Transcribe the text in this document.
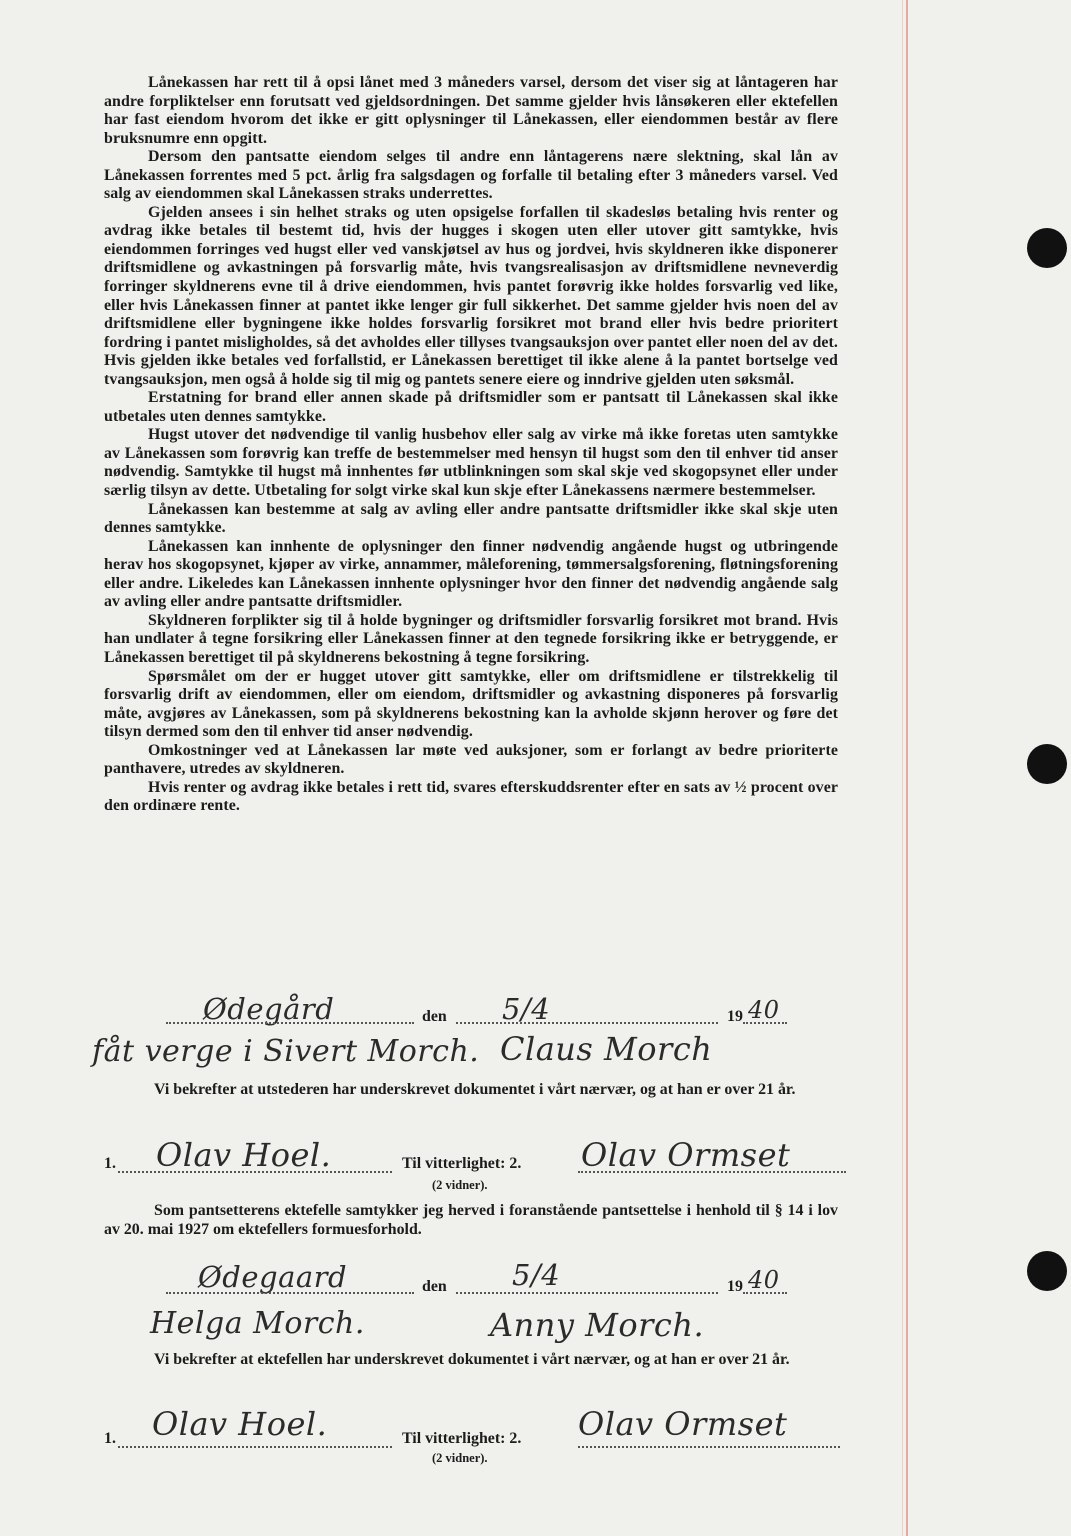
Lånekassen har rett til å opsi lånet med 3 måneders varsel, dersom det viser sig at låntageren har andre forpliktelser enn forutsatt ved gjeldsordningen. Det samme gjelder hvis lånsøkeren eller ektefellen har fast eiendom hvorom det ikke er gitt oplysninger til Lånekassen, eller eiendommen består av flere bruksnumre enn opgitt.

Dersom den pantsatte eiendom selges til andre enn låntagerens nære slektning, skal lån av Lånekassen forrentes med 5 pct. årlig fra salgsdagen og forfalle til betaling efter 3 måneders varsel. Ved salg av eiendommen skal Lånekassen straks underrettes.

Gjelden ansees i sin helhet straks og uten opsigelse forfallen til skadesløs betaling hvis renter og avdrag ikke betales til bestemt tid, hvis der hugges i skogen uten eller utover gitt samtykke, hvis eiendommen forringes ved hugst eller ved vanskjøtsel av hus og jordvei, hvis skyldneren ikke disponerer driftsmidlene og avkastningen på forsvarlig måte, hvis tvangsrealisasjon av driftsmidlene nevneverdig forringer skyldnerens evne til å drive eiendommen, hvis pantet forøvrig ikke holdes forsvarlig ved like, eller hvis Lånekassen finner at pantet ikke lenger gir full sikkerhet. Det samme gjelder hvis noen del av driftsmidlene eller bygningene ikke holdes forsvarlig forsikret mot brand eller hvis bedre prioritert fordring i pantet misligholdes, så det avholdes eller tillyses tvangsauksjon over pantet eller noen del av det. Hvis gjelden ikke betales ved forfallstid, er Lånekassen berettiget til ikke alene å la pantet bortselge ved tvangsauksjon, men også å holde sig til mig og pantets senere eiere og inndrive gjelden uten søksmål.

Erstatning for brand eller annen skade på driftsmidler som er pantsatt til Lånekassen skal ikke utbetales uten dennes samtykke.

Hugst utover det nødvendige til vanlig husbehov eller salg av virke må ikke foretas uten samtykke av Lånekassen som forøvrig kan treffe de bestemmelser med hensyn til hugst som den til enhver tid anser nødvendig. Samtykke til hugst må innhentes før utblinkningen som skal skje ved skogopsynet eller under særlig tilsyn av dette. Utbetaling for solgt virke skal kun skje efter Lånekassens nærmere bestemmelser.

Lånekassen kan bestemme at salg av avling eller andre pantsatte driftsmidler ikke skal skje uten dennes samtykke.

Lånekassen kan innhente de oplysninger den finner nødvendig angående hugst og utbringende herav hos skogopsynet, kjøper av virke, annammer, måleforening, tømmersalgsforening, fløtningsforening eller andre. Likeledes kan Lånekassen innhente oplysninger hvor den finner det nødvendig angående salg av avling eller andre pantsatte driftsmidler.

Skyldneren forplikter sig til å holde bygninger og driftsmidler forsvarlig forsikret mot brand. Hvis han undlater å tegne forsikring eller Lånekassen finner at den tegnede forsikring ikke er betryggende, er Lånekassen berettiget til på skyldnerens bekostning å tegne forsikring.

Spørsmålet om der er hugget utover gitt samtykke, eller om driftsmidlene er tilstrekkelig til forsvarlig drift av eiendommen, eller om eiendom, driftsmidler og avkastning disponeres på forsvarlig måte, avgjøres av Lånekassen, som på skyldnerens bekostning kan la avholde skjønn herover og føre det tilsyn dermed som den til enhver tid anser nødvendig.

Omkostninger ved at Lånekassen lar møte ved auksjoner, som er forlangt av bedre prioriterte panthavere, utredes av skyldneren.

Hvis renter og avdrag ikke betales i rett tid, svares efterskuddsrenter efter en sats av ½ procent over den ordinære rente.

Ødegård	den 5/4	19 40
fåt verge i Sivert Morch. Claus Morch

Vi bekrefter at utstederen har underskrevet dokumentet i vårt nærvær, og at han er over 21 år.

1. Olav Hoel.	Til vitterlighet: 2. Olav Ormset
(2 vidner).

Som pantsetterens ektefelle samtykker jeg herved i foranstående pantsettelse i henhold til § 14 i lov av 20. mai 1927 om ektefellers formuesforhold.

Ødegaard	den 5/4	19 40
Helga Morch.	Anny Morch.

Vi bekrefter at ektefellen har underskrevet dokumentet i vårt nærvær, og at han er over 21 år.

1. Olav Hoel.	Til vitterlighet: 2. Olav Ormset
(2 vidner).
